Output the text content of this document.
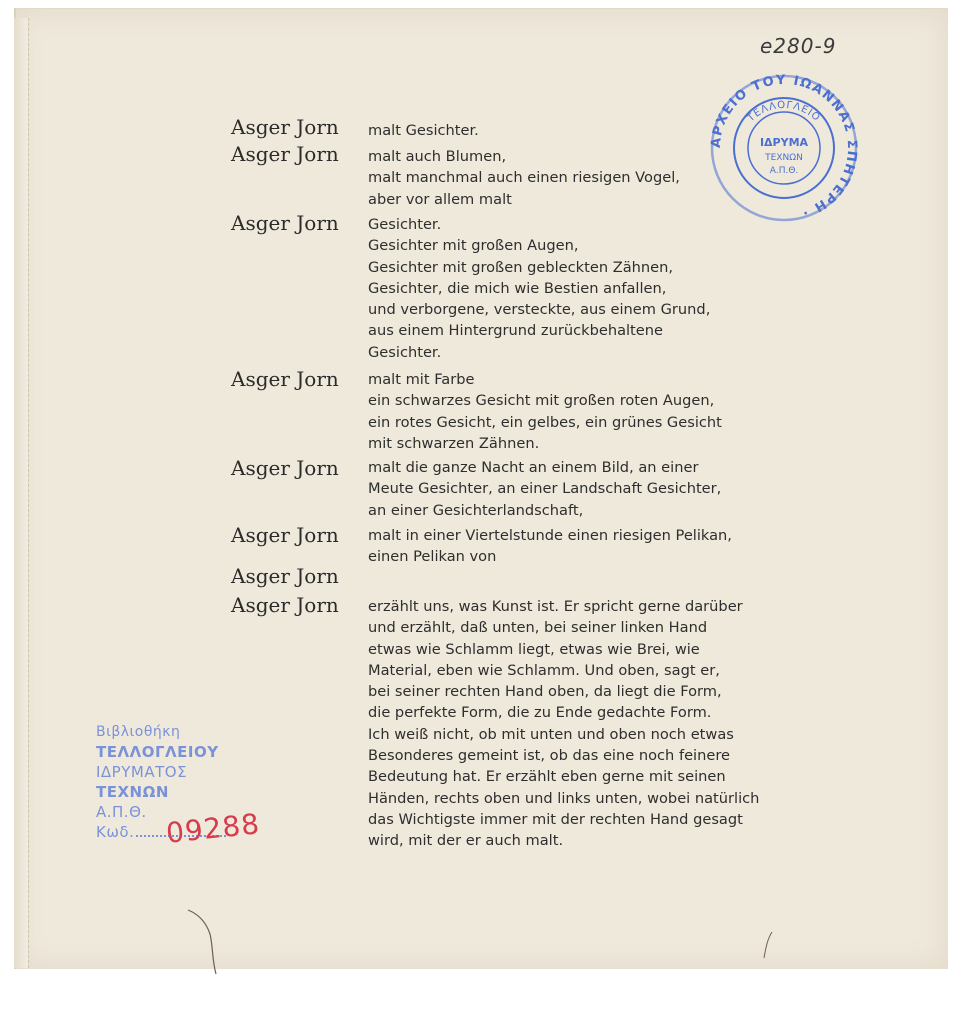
e280-9
Asger Jorn	malt Gesichter.
Asger Jorn	malt auch Blumen,
malt manchmal auch einen riesigen Vogel,
aber vor allem malt
Asger Jorn	Gesichter.
Gesichter mit großen Augen,
Gesichter mit großen gebleckten Zähnen,
Gesichter, die mich wie Bestien anfallen,
und verborgene, versteckte, aus einem Grund,
aus einem Hintergrund zurückbehaltene
Gesichter.
Asger Jorn	malt mit Farbe
ein schwarzes Gesicht mit großen roten Augen,
ein rotes Gesicht, ein gelbes, ein grünes Gesicht
mit schwarzen Zähnen.
Asger Jorn	malt die ganze Nacht an einem Bild, an einer
Meute Gesichter, an einer Landschaft Gesichter,
an einer Gesichterlandschaft,
Asger Jorn	malt in einer Viertelstunde einen riesigen Pelikan,
einen Pelikan von
Asger Jorn
Asger Jorn	erzählt uns, was Kunst ist. Er spricht gerne darüber
und erzählt, daß unten, bei seiner linken Hand
etwas wie Schlamm liegt, etwas wie Brei, wie
Material, eben wie Schlamm. Und oben, sagt er,
bei seiner rechten Hand oben, da liegt die Form,
die perfekte Form, die zu Ende gedachte Form.
Ich weiß nicht, ob mit unten und oben noch etwas
Besonderes gemeint ist, ob das eine noch feinere
Bedeutung hat. Er erzählt eben gerne mit seinen
Händen, rechts oben und links unten, wobei natürlich
das Wichtigste immer mit der rechten Hand gesagt
wird, mit der er auch malt.
ΑΡΧΕΙΟ ΤΟΥ ΙΩΑΝΝΑΣ ΣΠΗΤΕΡΗ ·
ΤΕΛΛΟΓΛΕΙΟ
ΙΔΡΥΜΑ
ΤΕΧΝΩΝ
Α.Π.Θ.
Βιβλιοθήκη
ΤΕΛΛΟΓΛΕΙΟΥ
ΙΔΡΥΜΑΤΟΣ
ΤΕΧΝΩΝ
Α.Π.Θ.
Κωδ.	09288
